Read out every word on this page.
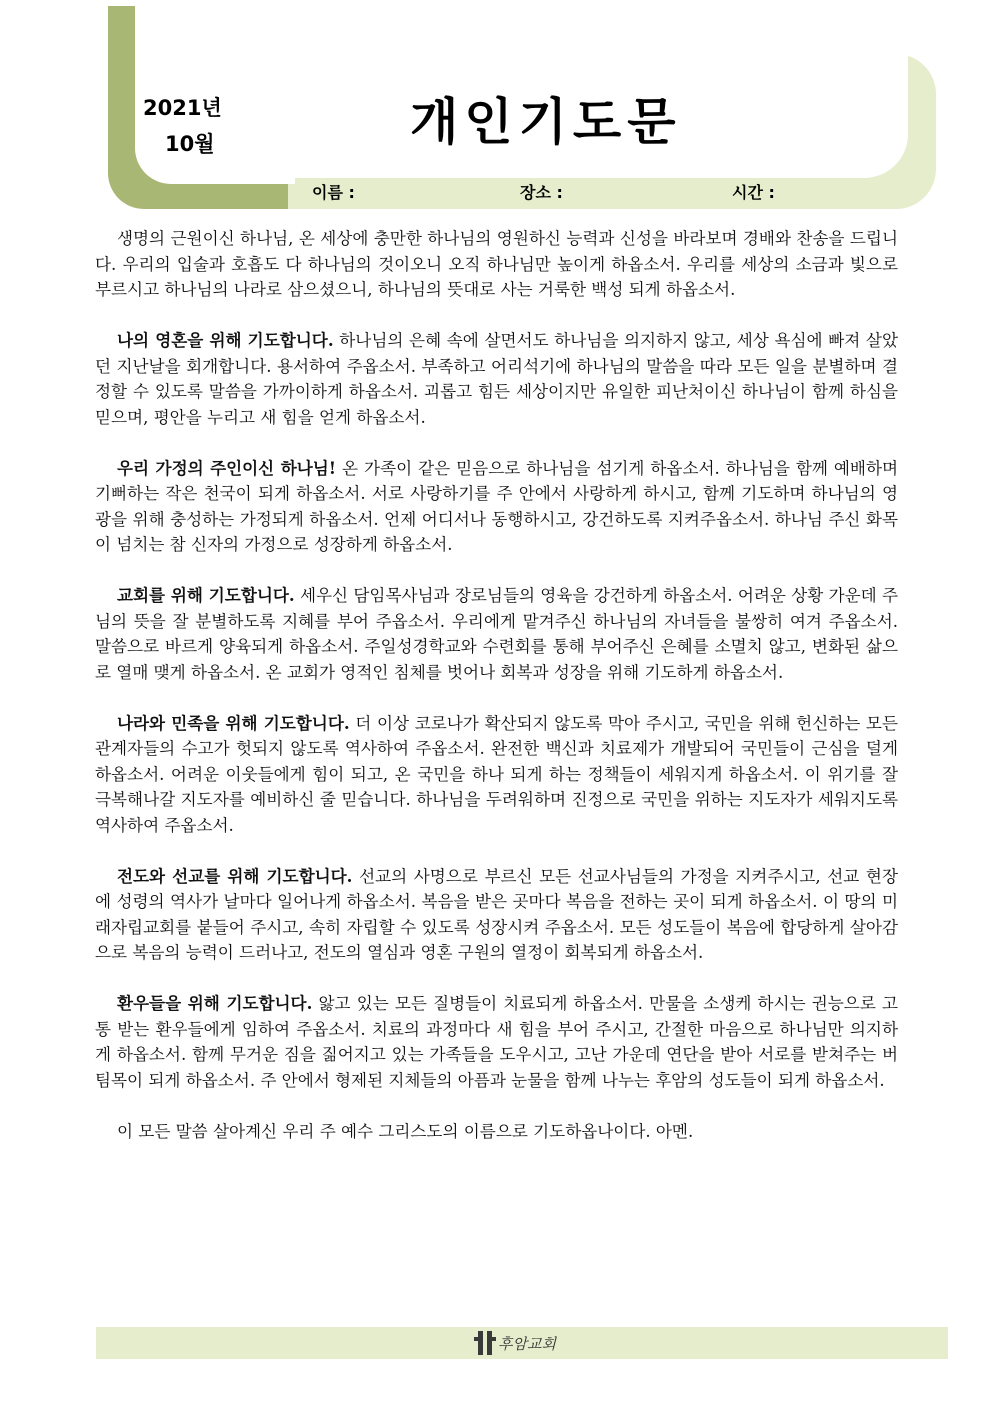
2021년
10월	개인기도문
이름 :	장소 :	시간 :

생명의 근원이신 하나님, 온 세상에 충만한 하나님의 영원하신 능력과 신성을 바라보며 경배와 찬송을 드립니다. 우리의 입술과 호흡도 다 하나님의 것이오니 오직 하나님만 높이게 하옵소서. 우리를 세상의 소금과 빛으로 부르시고 하나님의 나라로 삼으셨으니, 하나님의 뜻대로 사는 거룩한 백성 되게 하옵소서.

나의 영혼을 위해 기도합니다. 하나님의 은혜 속에 살면서도 하나님을 의지하지 않고, 세상 욕심에 빠져 살았던 지난날을 회개합니다. 용서하여 주옵소서. 부족하고 어리석기에 하나님의 말씀을 따라 모든 일을 분별하며 결정할 수 있도록 말씀을 가까이하게 하옵소서. 괴롭고 힘든 세상이지만 유일한 피난처이신 하나님이 함께 하심을 믿으며, 평안을 누리고 새 힘을 얻게 하옵소서.

우리 가정의 주인이신 하나님! 온 가족이 같은 믿음으로 하나님을 섬기게 하옵소서. 하나님을 함께 예배하며 기뻐하는 작은 천국이 되게 하옵소서. 서로 사랑하기를 주 안에서 사랑하게 하시고, 함께 기도하며 하나님의 영광을 위해 충성하는 가정되게 하옵소서. 언제 어디서나 동행하시고, 강건하도록 지켜주옵소서. 하나님 주신 화목이 넘치는 참 신자의 가정으로 성장하게 하옵소서.

교회를 위해 기도합니다. 세우신 담임목사님과 장로님들의 영육을 강건하게 하옵소서. 어려운 상황 가운데 주님의 뜻을 잘 분별하도록 지혜를 부어 주옵소서. 우리에게 맡겨주신 하나님의 자녀들을 불쌍히 여겨 주옵소서. 말씀으로 바르게 양육되게 하옵소서. 주일성경학교와 수련회를 통해 부어주신 은혜를 소멸치 않고, 변화된 삶으로 열매 맺게 하옵소서. 온 교회가 영적인 침체를 벗어나 회복과 성장을 위해 기도하게 하옵소서.

나라와 민족을 위해 기도합니다. 더 이상 코로나가 확산되지 않도록 막아 주시고, 국민을 위해 헌신하는 모든 관계자들의 수고가 헛되지 않도록 역사하여 주옵소서. 완전한 백신과 치료제가 개발되어 국민들이 근심을 덜게 하옵소서. 어려운 이웃들에게 힘이 되고, 온 국민을 하나 되게 하는 정책들이 세워지게 하옵소서. 이 위기를 잘 극복해나갈 지도자를 예비하신 줄 믿습니다. 하나님을 두려워하며 진정으로 국민을 위하는 지도자가 세워지도록 역사하여 주옵소서.

전도와 선교를 위해 기도합니다. 선교의 사명으로 부르신 모든 선교사님들의 가정을 지켜주시고, 선교 현장에 성령의 역사가 날마다 일어나게 하옵소서. 복음을 받은 곳마다 복음을 전하는 곳이 되게 하옵소서. 이 땅의 미래자립교회를 붙들어 주시고, 속히 자립할 수 있도록 성장시켜 주옵소서. 모든 성도들이 복음에 합당하게 살아감으로 복음의 능력이 드러나고, 전도의 열심과 영혼 구원의 열정이 회복되게 하옵소서.

환우들을 위해 기도합니다. 앓고 있는 모든 질병들이 치료되게 하옵소서. 만물을 소생케 하시는 권능으로 고통 받는 환우들에게 임하여 주옵소서. 치료의 과정마다 새 힘을 부어 주시고, 간절한 마음으로 하나님만 의지하게 하옵소서. 함께 무거운 짐을 짊어지고 있는 가족들을 도우시고, 고난 가운데 연단을 받아 서로를 받쳐주는 버팀목이 되게 하옵소서. 주 안에서 형제된 지체들의 아픔과 눈물을 함께 나누는 후암의 성도들이 되게 하옵소서.

이 모든 말씀 살아계신 우리 주 예수 그리스도의 이름으로 기도하옵나이다. 아멘.

후암교회
